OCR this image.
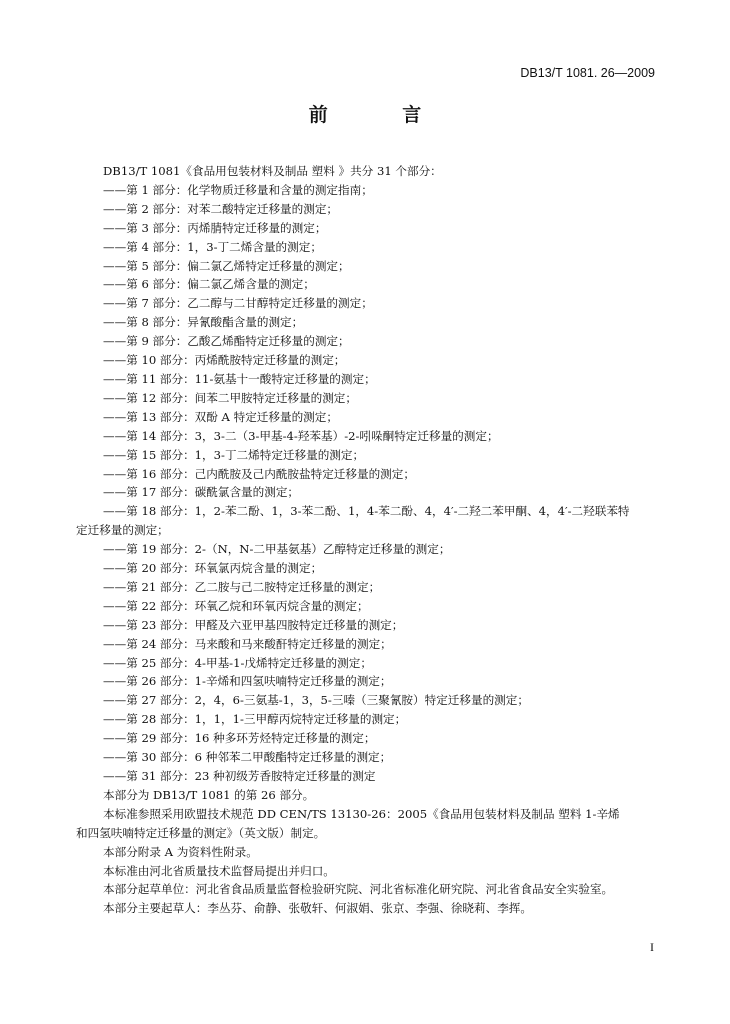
DB13/T 1081. 26—2009
前 言
DB13/T 1081《食品用包装材料及制品 塑料 》共分 31 个部分：
——第 1 部分：化学物质迁移量和含量的测定指南；
——第 2 部分：对苯二酸特定迁移量的测定；
——第 3 部分：丙烯腈特定迁移量的测定；
——第 4 部分：1，3-丁二烯含量的测定；
——第 5 部分：偏二氯乙烯特定迁移量的测定；
——第 6 部分：偏二氯乙烯含量的测定；
——第 7 部分：乙二醇与二甘醇特定迁移量的测定；
——第 8 部分：异氰酸酯含量的测定；
——第 9 部分：乙酸乙烯酯特定迁移量的测定；
——第 10 部分：丙烯酰胺特定迁移量的测定；
——第 11 部分：11-氨基十一酸特定迁移量的测定；
——第 12 部分：间苯二甲胺特定迁移量的测定；
——第 13 部分：双酚 A 特定迁移量的测定；
——第 14 部分：3，3-二（3-甲基-4-羟苯基）-2-吲哚酮特定迁移量的测定；
——第 15 部分：1，3-丁二烯特定迁移量的测定；
——第 16 部分：己内酰胺及己内酰胺盐特定迁移量的测定；
——第 17 部分：碳酰氯含量的测定；
——第 18 部分：1，2-苯二酚、1，3-苯二酚、1，4-苯二酚、4，4′-二羟二苯甲酮、4，4′-二羟联苯特
定迁移量的测定；
——第 19 部分：2-（N，N-二甲基氨基）乙醇特定迁移量的测定；
——第 20 部分：环氧氯丙烷含量的测定；
——第 21 部分：乙二胺与己二胺特定迁移量的测定；
——第 22 部分：环氧乙烷和环氧丙烷含量的测定；
——第 23 部分：甲醛及六亚甲基四胺特定迁移量的测定；
——第 24 部分：马来酸和马来酸酐特定迁移量的测定；
——第 25 部分：4-甲基-1-戊烯特定迁移量的测定；
——第 26 部分：1-辛烯和四氢呋喃特定迁移量的测定；
——第 27 部分：2，4，6-三氨基-1，3，5-三嗪（三聚氰胺）特定迁移量的测定；
——第 28 部分：1，1，1-三甲醇丙烷特定迁移量的测定；
——第 29 部分：16 种多环芳烃特定迁移量的测定；
——第 30 部分：6 种邻苯二甲酸酯特定迁移量的测定；
——第 31 部分：23 种初级芳香胺特定迁移量的测定
本部分为 DB13/T 1081 的第 26 部分。
本标准参照采用欧盟技术规范 DD CEN/TS 13130-26：2005《食品用包装材料及制品 塑料 1-辛烯
和四氢呋喃特定迁移量的测定》（英文版）制定。
本部分附录 A 为资料性附录。
本标准由河北省质量技术监督局提出并归口。
本部分起草单位：河北省食品质量监督检验研究院、河北省标准化研究院、河北省食品安全实验室。
本部分主要起草人：李丛芬、俞静、张敬轩、何淑娟、张京、李强、徐晓莉、李挥。
I
